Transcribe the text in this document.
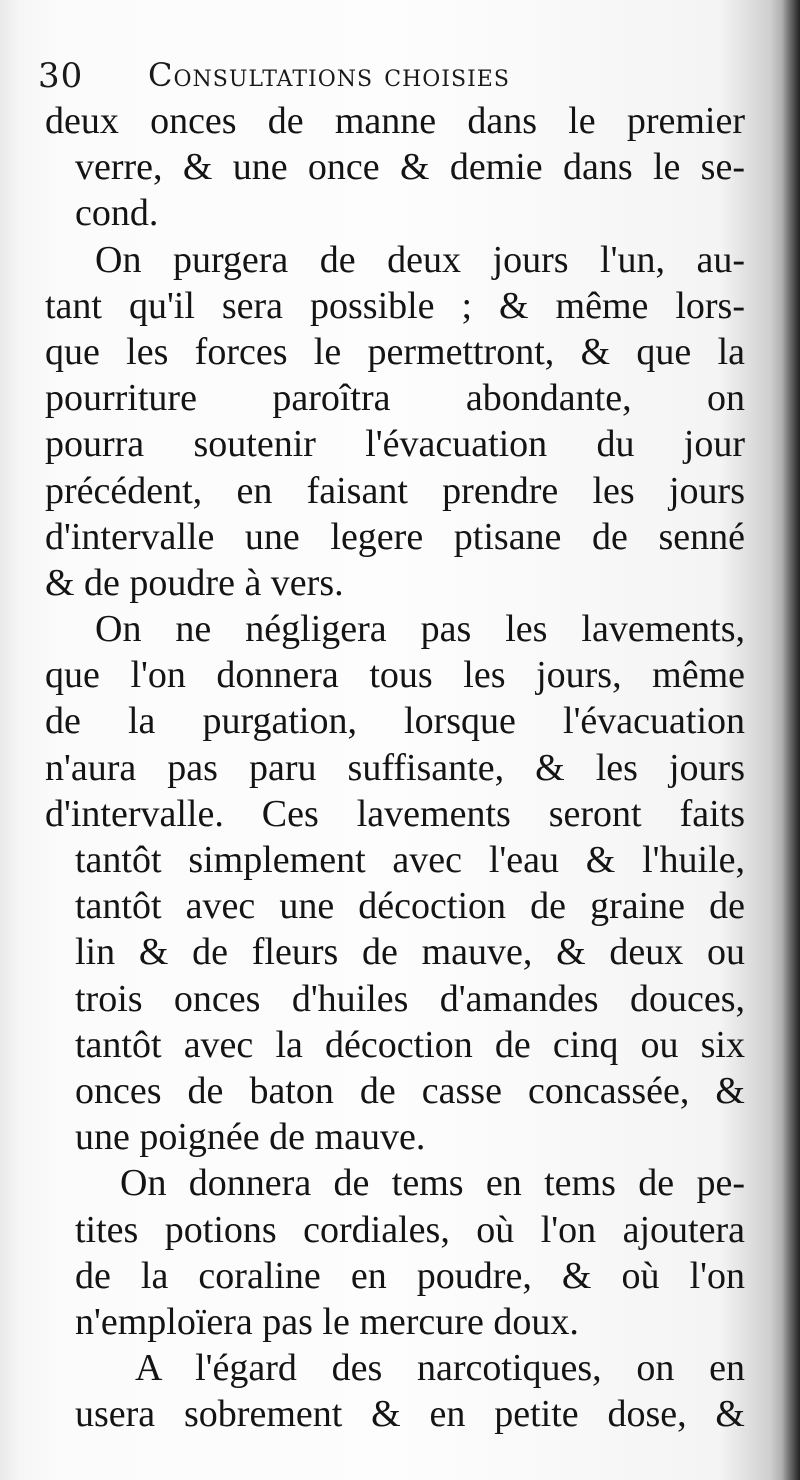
30 Consultations choisies
deux onces de manne dans le premier
verre, & une once & demie dans le se-
cond.
On purgera de deux jours l'un, au-
tant qu'il sera possible ; & même lors-
que les forces le permettront, & que la
pourriture paroîtra abondante, on
pourra soutenir l'évacuation du jour
précédent, en faisant prendre les jours
d'intervalle une legere ptisane de senné
& de poudre à vers.
On ne négligera pas les lavements,
que l'on donnera tous les jours, même
de la purgation, lorsque l'évacuation
n'aura pas paru suffisante, & les jours
d'intervalle. Ces lavements seront faits
tantôt simplement avec l'eau & l'huile,
tantôt avec une décoction de graine de
lin & de fleurs de mauve, & deux ou
trois onces d'huiles d'amandes douces,
tantôt avec la décoction de cinq ou six
onces de baton de casse concassée, &
une poignée de mauve.
On donnera de tems en tems de pe-
tites potions cordiales, où l'on ajoutera
de la coraline en poudre, & où l'on
n'emploïera pas le mercure doux.
A l'égard des narcotiques, on en
usera sobrement & en petite dose, &
